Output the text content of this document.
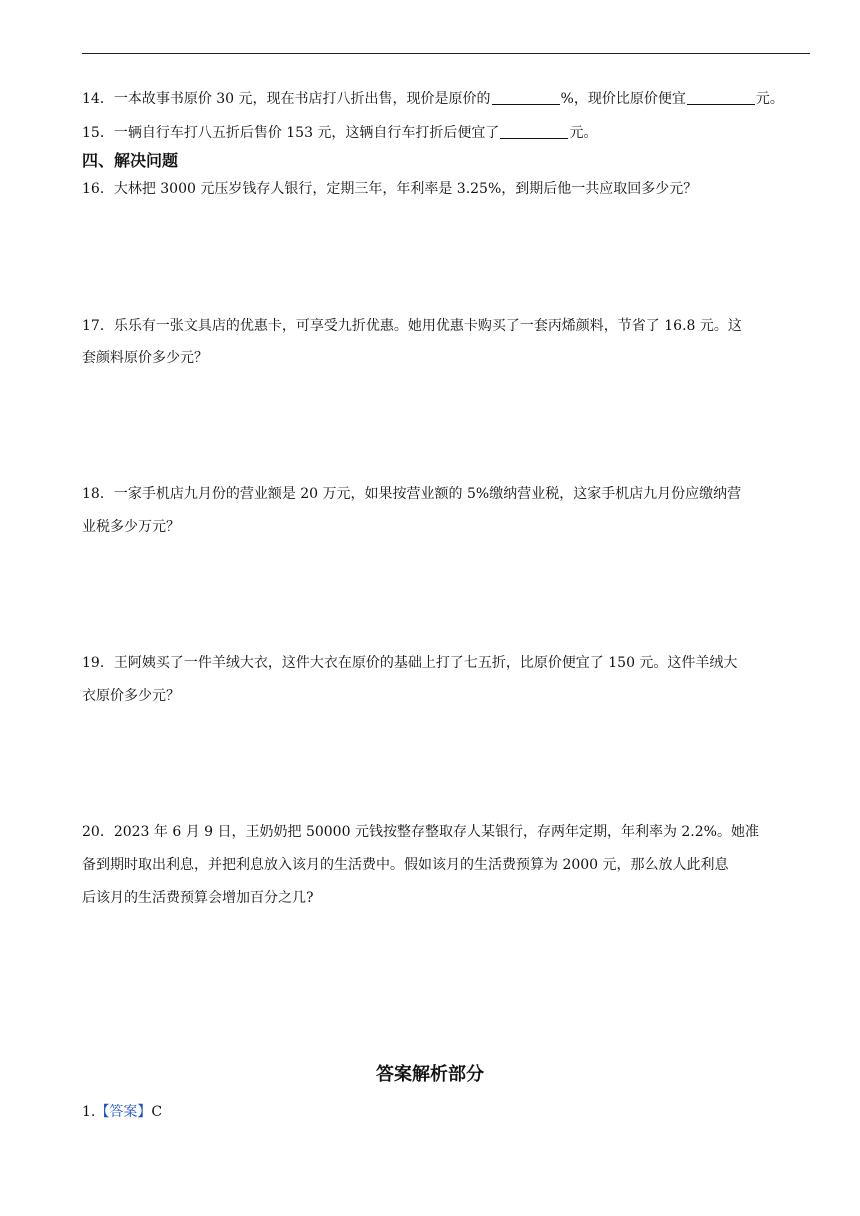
14．一本故事书原价 30 元，现在书店打八折出售，现价是原价的	%，现价比原价便宜	元。
15．一辆自行车打八五折后售价 153 元，这辆自行车打折后便宜了	元。
四、解决问题
16．大林把 3000 元压岁钱存人银行，定期三年，年利率是 3.25%，到期后他一共应取回多少元？
17．乐乐有一张文具店的优惠卡，可享受九折优惠。她用优惠卡购买了一套丙烯颜料，节省了 16.8 元。这
套颜料原价多少元？
18．一家手机店九月份的营业额是 20 万元，如果按营业额的 5%缴纳营业税，这家手机店九月份应缴纳营
业税多少万元？
19．王阿姨买了一件羊绒大衣，这件大衣在原价的基础上打了七五折，比原价便宜了 150 元。这件羊绒大
衣原价多少元？
20．2023 年 6 月 9 日，王奶奶把 50000 元钱按整存整取存人某银行，存两年定期，年利率为 2.2%。她准
备到期时取出利息，并把利息放入该月的生活费中。假如该月的生活费预算为 2000 元，那么放人此利息
后该月的生活费预算会增加百分之几?
答案解析部分
1.【答案】C
